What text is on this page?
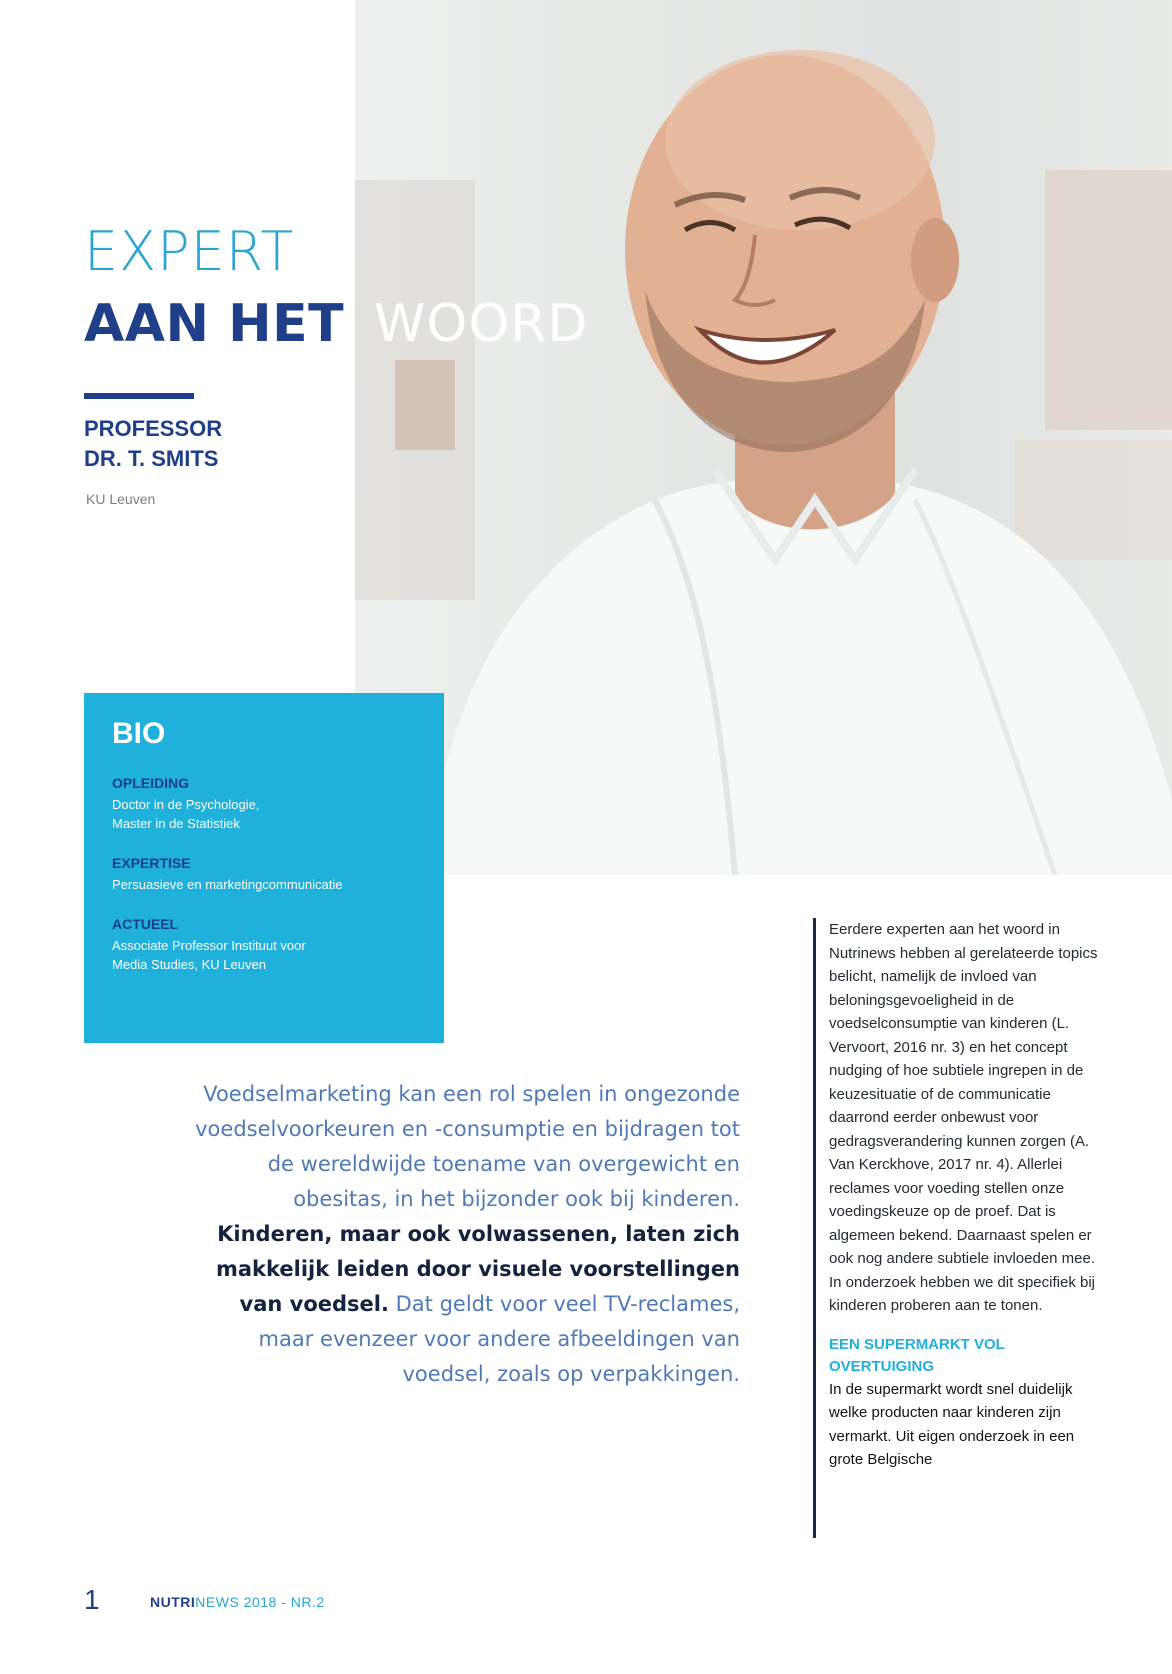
EXPERT
AAN HET WOORD
PROFESSOR
DR. T. SMITS
KU Leuven
BIO
OPLEIDING
Doctor in de Psychologie,
Master in de Statistiek
EXPERTISE
Persuasieve en marketingcommunicatie
ACTUEEL
Associate Professor Instituut voor
Media Studies, KU Leuven
Voedselmarketing kan een rol spelen in ongezonde voedselvoorkeuren en -consumptie en bijdragen tot de wereldwijde toename van overgewicht en obesitas, in het bijzonder ook bij kinderen. Kinderen, maar ook volwassenen, laten zich makkelijk leiden door visuele voorstellingen van voedsel. Dat geldt voor veel TV-reclames, maar evenzeer voor andere afbeeldingen van voedsel, zoals op verpakkingen.
Eerdere experten aan het woord in Nutrinews hebben al gerelateerde topics belicht, namelijk de invloed van beloningsgevoeligheid in de voedselconsumptie van kinderen (L. Vervoort, 2016 nr. 3) en het concept nudging of hoe subtiele ingrepen in de keuzesituatie of de communicatie daarrond eerder onbewust voor gedragsverandering kunnen zorgen (A. Van Kerckhove, 2017 nr. 4). Allerlei reclames voor voeding stellen onze voedingskeuze op de proef. Dat is algemeen bekend. Daarnaast spelen er ook nog andere subtiele invloeden mee. In onderzoek hebben we dit specifiek bij kinderen proberen aan te tonen.
EEN SUPERMARKT VOL OVERTUIGING
In de supermarkt wordt snel duidelijk welke producten naar kinderen zijn vermarkt. Uit eigen onderzoek in een grote Belgische
1	NUTRINEWS 2018 - NR.2
